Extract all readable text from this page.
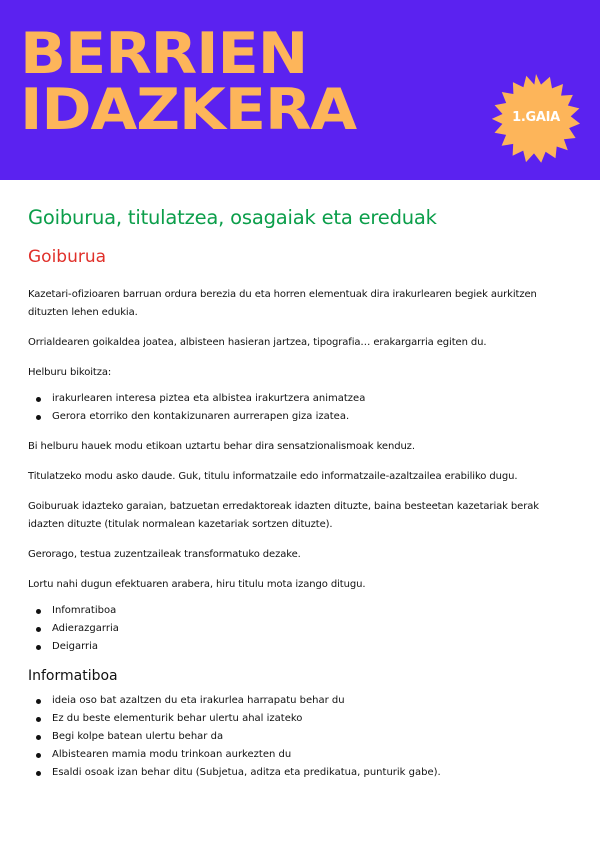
BERRIEN
IDAZKERA	1.GAIA
Goiburua, titulatzea, osagaiak eta ereduak
Goiburua

Kazetari-ofizioaren barruan ordura berezia du eta horren elementuak dira irakurlearen begiek aurkitzen dituzten lehen edukia.

Orrialdearen goikaldea joatea, albisteen hasieran jartzea, tipografia… erakargarria egiten du.

Helburu bikoitza:

irakurlearen interesa piztea eta albistea irakurtzera animatzea
Gerora etorriko den kontakizunaren aurrerapen giza izatea.

Bi helburu hauek modu etikoan uztartu behar dira sensatzionalismoak kenduz.

Titulatzeko modu asko daude. Guk, titulu informatzaile edo informatzaile-azaltzailea erabiliko dugu.

Goiburuak idazteko garaian, batzuetan erredaktoreak idazten dituzte, baina besteetan kazetariak berak idazten dituzte (titulak normalean kazetariak sortzen dituzte).

Gerorago, testua zuzentzaileak transformatuko dezake.

Lortu nahi dugun efektuaren arabera, hiru titulu mota izango ditugu.

Infomratiboa
Adierazgarria
Deigarria
Informatiboa
ideia oso bat azaltzen du eta irakurlea harrapatu behar du
Ez du beste elementurik behar ulertu ahal izateko
Begi kolpe batean ulertu behar da
Albistearen mamia modu trinkoan aurkezten du
Esaldi osoak izan behar ditu (Subjetua, aditza eta predikatua, punturik gabe).
